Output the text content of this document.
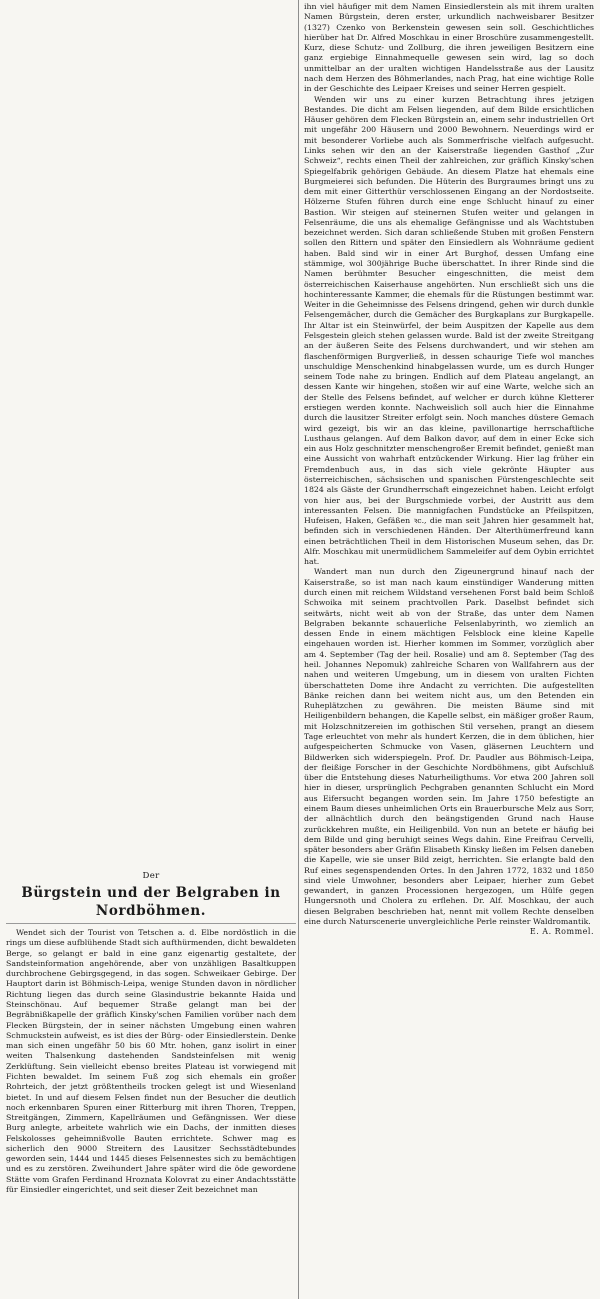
Der
Bürgstein und der Belgraben in Nordböhmen.

Wendet sich der Tourist von Tetschen a. d. Elbe nordöstlich in die rings um diese aufblühende Stadt sich aufthürmenden, dicht bewaldeten Berge, so gelangt er bald in eine ganz eigenartig gestaltete, der Sandsteinformation angehörende, aber von unzähligen Basaltkuppen durchbrochene Gebirgsgegend, in das sogen. Schweikaer Gebirge. Der Hauptort darin ist Böhmisch-Leipa, wenige Stunden davon in nördlicher Richtung liegen das durch seine Glasindustrie bekannte Haida und Steinschönau. Auf bequemer Straße gelangt man bei der Begräbnißkapelle der gräflich Kinsky'schen Familien vorüber nach dem Flecken Bürgstein, der in seiner nächsten Umgebung einen wahren Schmuckstein aufweist, es ist dies der Bürg- oder Einsiedlerstein. Denke man sich einen ungefähr 50 bis 60 Mtr. hohen, ganz isolirt in einer weiten Thalsenkung dastehenden Sandsteinfelsen mit wenig Zerklüftung. Sein vielleicht ebenso breites Plateau ist vorwiegend mit Fichten bewaldet. Im seinem Fuß zog sich ehemals ein großer Rohrteich, der jetzt größtentheils trocken gelegt ist und Wiesenland bietet. In und auf diesem Felsen findet nun der Besucher die deutlich noch erkennbaren Spuren einer Ritterburg mit ihren Thoren, Treppen, Streitgängen, Zimmern, Kapellräumen und Gefängnissen. Wer diese Burg anlegte, arbeitete wahrlich wie ein Dachs, der inmitten dieses Felskolosses geheimnißvolle Bauten errichtete. Schwer mag es sicherlich den 9000 Streitern des Lausitzer Sechsstädtebundes geworden sein, 1444 und 1445 dieses Felsennestes sich zu bemächtigen und es zu zerstören. Zweihundert Jahre später wird die öde gewordene Stätte vom Grafen Ferdinand Hroznata Kolovrat zu einer Andachtsstätte für Einsiedler eingerichtet, und seit dieser Zeit bezeichnet man

ihn viel häufiger mit dem Namen Einsiedlerstein als mit ihrem uralten Namen Bürgstein, deren erster, urkundlich nachweisbarer Besitzer (1327) Czenko von Berkenstein gewesen sein soll. Geschichtliches hierüber hat Dr. Alfred Moschkau in einer Broschüre zusammengestellt. Kurz, diese Schutz- und Zollburg, die ihren jeweiligen Besitzern eine ganz ergiebige Einnahmequelle gewesen sein wird, lag so doch unmittelbar an der uralten wichtigen Handelsstraße aus der Lausitz nach dem Herzen des Böhmerlandes, nach Prag, hat eine wichtige Rolle in der Geschichte des Leipaer Kreises und seiner Herren gespielt.

Wenden wir uns zu einer kurzen Betrachtung ihres jetzigen Bestandes. Die dicht am Felsen liegenden, auf dem Bilde ersichtlichen Häuser gehören dem Flecken Bürgstein an, einem sehr industriellen Ort mit ungefähr 200 Häusern und 2000 Bewohnern. Neuerdings wird er mit besonderer Vorliebe auch als Sommerfrische vielfach aufgesucht. Links sehen wir den an der Kaiserstraße liegenden Gasthof „Zur Schweiz“, rechts einen Theil der zahlreichen, zur gräflich Kinsky'schen Spiegelfabrik gehörigen Gebäude. An diesem Platze hat ehemals eine Burgmeierei sich befunden. Die Hüterin des Burgraumes bringt uns zu dem mit einer Gitterthür verschlossenen Eingang an der Nordostseite. Hölzerne Stufen führen durch eine enge Schlucht hinauf zu einer Bastion. Wir steigen auf steinernen Stufen weiter und gelangen in Felsenräume, die uns als ehemalige Gefängnisse und als Wachtstuben bezeichnet werden. Sich daran schließende Stuben mit großen Fenstern sollen den Rittern und später den Einsiedlern als Wohnräume gedient haben. Bald sind wir in einer Art Burghof, dessen Umfang eine stämmige, wol 300jährige Buche überschattet. In ihrer Rinde sind die Namen berühmter Besucher eingeschnitten, die meist dem österreichischen Kaiserhause angehörten. Nun erschließt sich uns die hochinteressante Kammer, die ehemals für die Rüstungen bestimmt war. Weiter in die Geheimnisse des Felsens dringend, gehen wir durch dunkle Felsengemächer, durch die Gemächer des Burgkaplans zur Burgkapelle. Ihr Altar ist ein Steinwürfel, der beim Auspitzen der Kapelle aus dem Felsgestein gleich stehen gelassen wurde. Bald ist der zweite Streitgang an der äußeren Seite des Felsens durchwandert, und wir stehen am flaschenförmigen Burgverließ, in dessen schaurige Tiefe wol manches unschuldige Menschenkind hinabgelassen wurde, um es durch Hunger seinem Tode nahe zu bringen. Endlich auf dem Plateau angelangt, an dessen Kante wir hingehen, stoßen wir auf eine Warte, welche sich an der Stelle des Felsens befindet, auf welcher er durch kühne Kletterer erstiegen werden konnte. Nachweislich soll auch hier die Einnahme durch die lausitzer Streiter erfolgt sein. Noch manches düstere Gemach wird gezeigt, bis wir an das kleine, pavillonartige herrschaftliche Lusthaus gelangen. Auf dem Balkon davor, auf dem in einer Ecke sich ein aus Holz geschnitzter menschengroßer Eremit befindet, genießt man eine Aussicht von wahrhaft entzückender Wirkung. Hier lag früher ein Fremdenbuch aus, in das sich viele gekrönte Häupter aus österreichischen, sächsischen und spanischen Fürstengeschlechte seit 1824 als Gäste der Grundherrschaft eingezeichnet haben. Leicht erfolgt von hier aus, bei der Burgschmiede vorbei, der Austritt aus dem interessanten Felsen. Die mannigfachen Fundstücke an Pfeilspitzen, Hufeisen, Haken, Gefäßen ꝛc., die man seit Jahren hier gesammelt hat, befinden sich in verschiedenen Händen. Der Alterthümerfreund kann einen beträchtlichen Theil in dem Historischen Museum sehen, das Dr. Alfr. Moschkau mit unermüdlichem Sammeleifer auf dem Oybin errichtet hat.

Wandert man nun durch den Zigeunergrund hinauf nach der Kaiserstraße, so ist man nach kaum einstündiger Wanderung mitten durch einen mit reichem Wildstand versehenen Forst bald beim Schloß Schwoika mit seinem prachtvollen Park. Daselbst befindet sich seitwärts, nicht weit ab von der Straße, das unter dem Namen Belgraben bekannte schauerliche Felsenlabyrinth, wo ziemlich an dessen Ende in einem mächtigen Felsblock eine kleine Kapelle eingehauen worden ist. Hierher kommen im Sommer, vorzüglich aber am 4. September (Tag der heil. Rosalie) und am 8. September (Tag des heil. Johannes Nepomuk) zahlreiche Scharen von Wallfahrern aus der nahen und weiteren Umgebung, um in diesem von uralten Fichten überschatteten Dome ihre Andacht zu verrichten. Die aufgestellten Bänke reichen dann bei weitem nicht aus, um den Betenden ein Ruheplätzchen zu gewähren. Die meisten Bäume sind mit Heiligenbildern behangen, die Kapelle selbst, ein mäßiger großer Raum, mit Holzschnitzereien im gothischen Stil versehen, prangt an diesem Tage erleuchtet von mehr als hundert Kerzen, die in dem üblichen, hier aufgespeicherten Schmucke von Vasen, gläsernen Leuchtern und Bildwerken sich widerspiegeln. Prof. Dr. Paudler aus Böhmisch-Leipa, der fleißige Forscher in der Geschichte Nordböhmens, gibt Aufschluß über die Entstehung dieses Naturheiligthums. Vor etwa 200 Jahren soll hier in dieser, ursprünglich Pechgraben genannten Schlucht ein Mord aus Eifersucht begangen worden sein. Im Jahre 1750 befestigte an einem Baum dieses unheimlichen Orts ein Brauerbursche Melz aus Sorr, der allnächtlich durch den beängstigenden Grund nach Hause zurückkehren mußte, ein Heiligenbild. Von nun an betete er häufig bei dem Bilde und ging beruhigt seines Wegs dahin. Eine Freifrau Cervelli, später besonders aber Gräfin Elisabeth Kinsky ließen im Felsen daneben die Kapelle, wie sie unser Bild zeigt, herrichten. Sie erlangte bald den Ruf eines segenspendenden Ortes. In den Jahren 1772, 1832 und 1850 sind viele Umwohner, besonders aber Leipaer, hierher zum Gebet gewandert, in ganzen Processionen hergezogen, um Hülfe gegen Hungersnoth und Cholera zu erflehen. Dr. Alf. Moschkau, der auch diesen Belgraben beschrieben hat, nennt mit vollem Rechte denselben eine durch Naturscenerie unvergleichliche Perle reinster Waldromantik.

E. A. Rommel.
